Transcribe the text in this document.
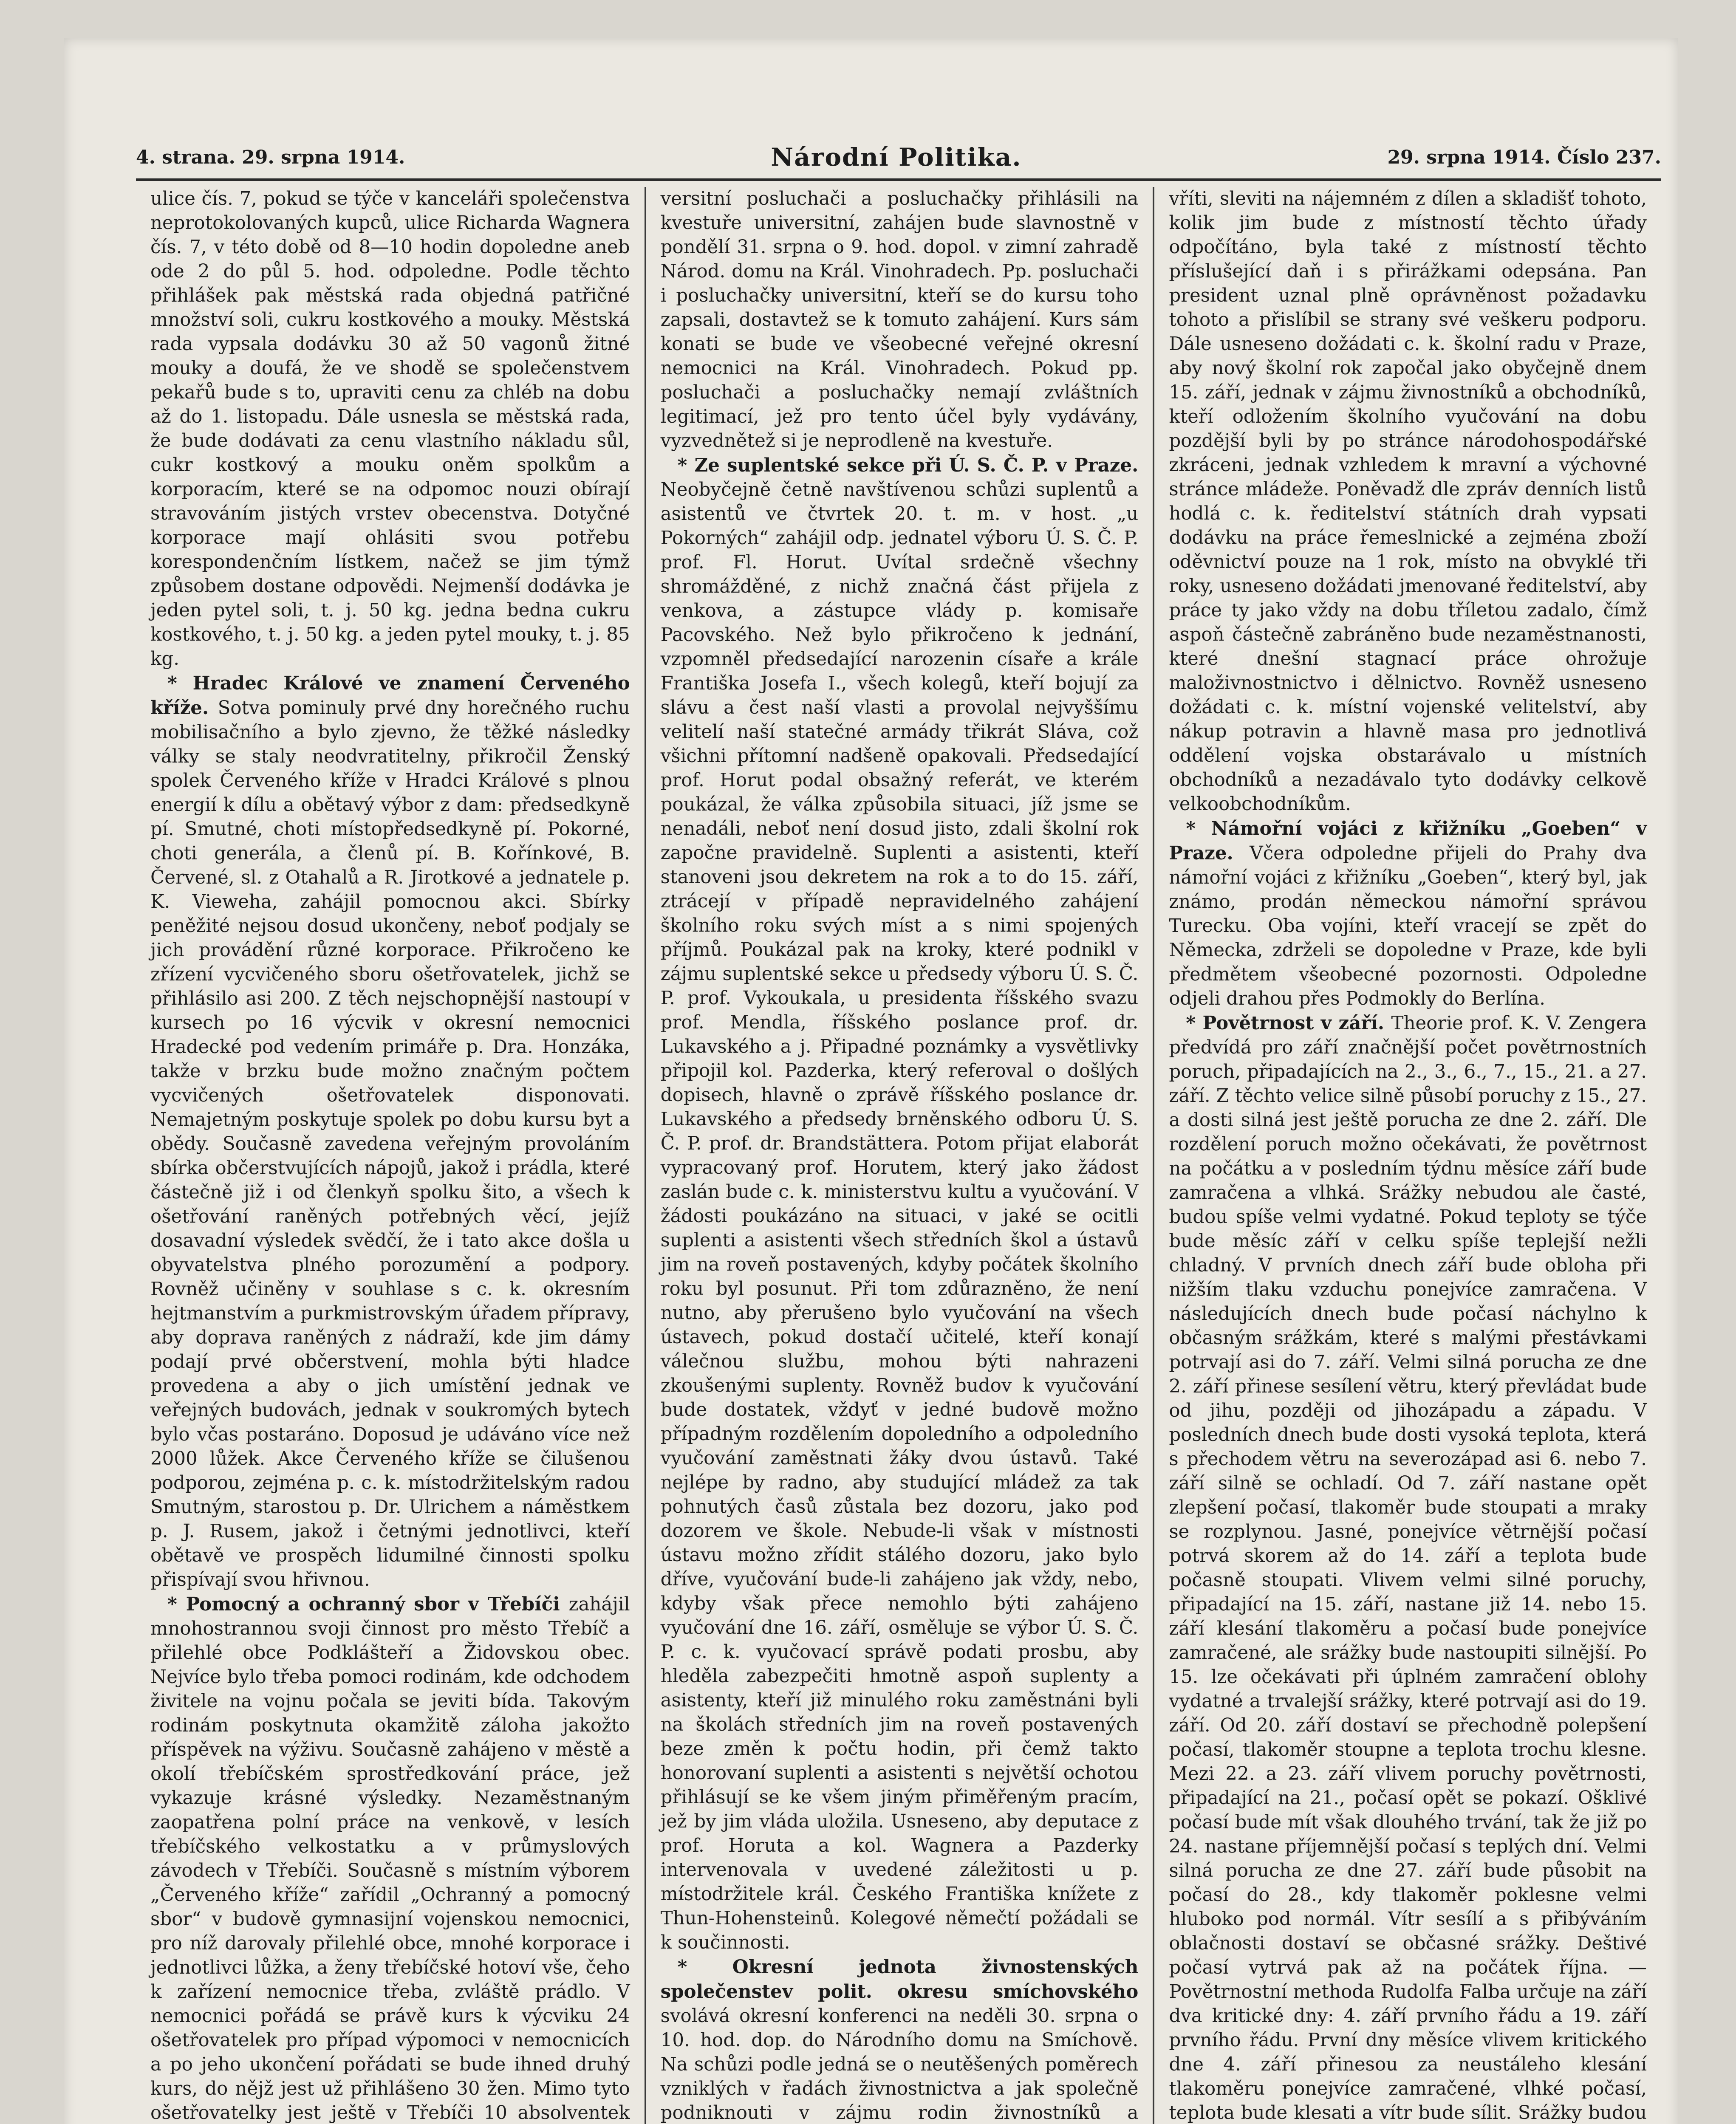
4. strana. 29. srpna 1914.	Národní Politika.	29. srpna 1914. Číslo 237.

ulice čís. 7, pokud se týče v kanceláři společenstva neprotokolovaných kupců, ulice Richarda Wagnera čís. 7, v této době od 8—10 hodin dopoledne aneb ode 2 do půl 5. hod. odpoledne. Podle těchto přihlášek pak městská rada objedná patřičné množství soli, cukru kostkového a mouky. Městská rada vypsala dodávku 30 až 50 vagonů žitné mouky a doufá, že ve shodě se společenstvem pekařů bude s to, upraviti cenu za chléb na dobu až do 1. listopadu. Dále usnesla se městská rada, že bude dodávati za cenu vlastního nákladu sůl, cukr kostkový a mouku oněm spolkům a korporacím, které se na odpomoc nouzi obírají stravováním jistých vrstev obecenstva. Dotyčné korporace mají ohlásiti svou potřebu korespondenčním lístkem, načež se jim týmž způsobem dostane odpovědi. Nejmenší dodávka je jeden pytel soli, t. j. 50 kg. jedna bedna cukru kostkového, t. j. 50 kg. a jeden pytel mouky, t. j. 85 kg.

* Hradec Králové ve znamení Červeného kříže. Sotva pominuly prvé dny horečného ruchu mobilisačního a bylo zjevno, že těžké následky války se staly neodvratitelny, přikročil Ženský spolek Červeného kříže v Hradci Králové s plnou energií k dílu a obětavý výbor z dam: předsedkyně pí. Smutné, choti místopředsedkyně pí. Pokorné, choti generála, a členů pí. B. Kořínkové, B. Červené, sl. z Otahalů a R. Jirotkové a jednatele p. K. Vieweha, zahájil pomocnou akci. Sbírky peněžité nejsou dosud ukončeny, neboť podjaly se jich provádění různé korporace. Přikročeno ke zřízení vycvičeného sboru ošetřovatelek, jichž se přihlásilo asi 200. Z těch nejschopnější nastoupí v kursech po 16 výcvik v okresní nemocnici Hradecké pod vedením primáře p. Dra. Honzáka, takže v brzku bude možno značným počtem vycvičených ošetřovatelek disponovati. Nemajetným poskytuje spolek po dobu kursu byt a obědy. Současně zavedena veřejným provoláním sbírka občerstvujících nápojů, jakož i prádla, které částečně již i od členkyň spolku šito, a všech k ošetřování raněných potřebných věcí, jejíž dosavadní výsledek svědčí, že i tato akce došla u obyvatelstva plného porozumění a podpory. Rovněž učiněny v souhlase s c. k. okresním hejtmanstvím a purkmistrovským úřadem přípravy, aby doprava raněných z nádraží, kde jim dámy podají prvé občerstvení, mohla býti hladce provedena a aby o jich umístění jednak ve veřejných budovách, jednak v soukromých bytech bylo včas postaráno. Doposud je udáváno více než 2000 lůžek. Akce Červeného kříže se čilušenou podporou, zejména p. c. k. místodržitelským radou Smutným, starostou p. Dr. Ulrichem a náměstkem p. J. Rusem, jakož i četnými jednotlivci, kteří obětavě ve prospěch lidumilné činnosti spolku přispívají svou hřivnou.

* Pomocný a ochranný sbor v Třebíči zahájil mnohostrannou svoji činnost pro město Třebíč a přilehlé obce Podklášteří a Židovskou obec. Nejvíce bylo třeba pomoci rodinám, kde odchodem živitele na vojnu počala se jeviti bída. Takovým rodinám poskytnuta okamžitě záloha jakožto příspěvek na výživu. Současně zahájeno v městě a okolí třebíčském sprostředkování práce, jež vykazuje krásné výsledky. Nezaměstnaným zaopatřena polní práce na venkově, v lesích třebíčského velkostatku a v průmyslových závodech v Třebíči. Současně s místním výborem „Červeného kříže“ zařídil „Ochranný a pomocný sbor“ v budově gymnasijní vojenskou nemocnici, pro níž darovaly přilehlé obce, mnohé korporace i jednotlivci lůžka, a ženy třebíčské hotoví vše, čeho k zařízení nemocnice třeba, zvláště prádlo. V nemocnici pořádá se právě kurs k výcviku 24 ošetřovatelek pro případ výpomoci v nemocnicích a po jeho ukončení pořádati se bude ihned druhý kurs, do nějž jest už přihlášeno 30 žen. Mimo tyto ošetřovatelky jest ještě v Třebíči 10 absolventek

versitní posluchači a posluchačky přihlásili na kvestuře universitní, zahájen bude slavnostně v pondělí 31. srpna o 9. hod. dopol. v zimní zahradě Národ. domu na Král. Vinohradech. Pp. posluchači i posluchačky universitní, kteří se do kursu toho zapsali, dostavtež se k tomuto zahájení. Kurs sám konati se bude ve všeobecné veřejné okresní nemocnici na Král. Vinohradech. Pokud pp. posluchači a posluchačky nemají zvláštních legitimací, jež pro tento účel byly vydávány, vyzvednětež si je neprodleně na kvestuře.

* Ze suplentské sekce při Ú. S. Č. P. v Praze. Neobyčejně četně navštívenou schůzi suplentů a asistentů ve čtvrtek 20. t. m. v host. „u Pokorných“ zahájil odp. jednatel výboru Ú. S. Č. P. prof. Fl. Horut. Uvítal srdečně všechny shromážděné, z nichž značná část přijela z venkova, a zástupce vlády p. komisaře Pacovského. Než bylo přikročeno k jednání, vzpomněl předsedající narozenin císaře a krále Františka Josefa I., všech kolegů, kteří bojují za slávu a čest naší vlasti a provolal nejvyššímu velitelí naší statečné armády třikrát Sláva, což všichni přítomní nadšeně opakovali. Předsedající prof. Horut podal obsažný referát, ve kterém poukázal, že válka způsobila situaci, jíž jsme se nenadáli, neboť není dosud jisto, zdali školní rok započne pravidelně. Suplenti a asistenti, kteří stanoveni jsou dekretem na rok a to do 15. září, ztrácejí v případě nepravidelného zahájení školního roku svých míst a s nimi spojených příjmů. Poukázal pak na kroky, které podnikl v zájmu suplentské sekce u předsedy výboru Ú. S. Č. P. prof. Vykoukala, u presidenta říšského svazu prof. Mendla, říšského poslance prof. dr. Lukavského a j. Připadné poznámky a vysvětlivky připojil kol. Pazderka, který referoval o došlých dopisech, hlavně o zprávě říšského poslance dr. Lukavského a předsedy brněnského odboru Ú. S. Č. P. prof. dr. Brandstättera. Potom přijat elaborát vypracovaný prof. Horutem, který jako žádost zaslán bude c. k. ministerstvu kultu a vyučování. V žádosti poukázáno na situaci, v jaké se ocitli suplenti a asistenti všech středních škol a ústavů jim na roveň postavených, kdyby počátek školního roku byl posunut. Při tom zdůrazněno, že není nutno, aby přerušeno bylo vyučování na všech ústavech, pokud dostačí učitelé, kteří konají válečnou službu, mohou býti nahrazeni zkoušenými suplenty. Rovněž budov k vyučování bude dostatek, vždyť v jedné budově možno případným rozdělením dopoledního a odpoledního vyučování zaměstnati žáky dvou ústavů. Také nejlépe by radno, aby studující mládež za tak pohnutých časů zůstala bez dozoru, jako pod dozorem ve škole. Nebude-li však v místnosti ústavu možno zřídit stálého dozoru, jako bylo dříve, vyučování bude-li zahájeno jak vždy, nebo, kdyby však přece nemohlo býti zahájeno vyučování dne 16. září, osměluje se výbor Ú. S. Č. P. c. k. vyučovací správě podati prosbu, aby hleděla zabezpečiti hmotně aspoň suplenty a asistenty, kteří již minulého roku zaměstnáni byli na školách středních jim na roveň postavených beze změn k počtu hodin, při čemž takto honorovaní suplenti a asistenti s největší ochotou přihlásují se ke všem jiným přiměřeným pracím, jež by jim vláda uložila. Usneseno, aby deputace z prof. Horuta a kol. Wagnera a Pazderky intervenovala v uvedené záležitosti u p. místodržitele král. Českého Františka knížete z Thun-Hohensteinů. Kolegové němečtí požádali se k součinnosti.

* Okresní jednota živnostenských společenstev polit. okresu smíchovského svolává okresní konferenci na neděli 30. srpna o 10. hod. dop. do Národního domu na Smíchově. Na schůzi podle jedná se o neutěšených poměrech vzniklých v řadách živnostnictva a jak společně podniknouti v zájmu rodin živnostníků a

vříti, sleviti na nájemném z dílen a skladišť tohoto, kolik jim bude z místností těchto úřady odpočítáno, byla také z místností těchto příslušející daň i s přirážkami odepsána. Pan president uznal plně oprávněnost požadavku tohoto a přislíbil se strany své veškeru podporu. Dále usneseno dožádati c. k. školní radu v Praze, aby nový školní rok započal jako obyčejně dnem 15. září, jednak v zájmu živnostníků a obchodníků, kteří odložením školního vyučování na dobu pozdější byli by po stránce národohospodářské zkráceni, jednak vzhledem k mravní a výchovné stránce mládeže. Poněvadž dle zpráv denních listů hodlá c. k. ředitelství státních drah vypsati dodávku na práce řemeslnické a zejména zboží oděvnictví pouze na 1 rok, místo na obvyklé tři roky, usneseno dožádati jmenované ředitelství, aby práce ty jako vždy na dobu tříletou zadalo, čímž aspoň částečně zabráněno bude nezaměstnanosti, které dnešní stagnací práce ohrožuje maloživnostnictvo i dělnictvo. Rovněž usneseno dožádati c. k. místní vojenské velitelství, aby nákup potravin a hlavně masa pro jednotlivá oddělení vojska obstarávalo u místních obchodníků a nezadávalo tyto dodávky celkově velkoobchodníkům.

* Námořní vojáci z křižníku „Goeben“ v Praze. Včera odpoledne přijeli do Prahy dva námořní vojáci z křižníku „Goeben“, který byl, jak známo, prodán německou námořní správou Turecku. Oba vojíni, kteří vracejí se zpět do Německa, zdrželi se dopoledne v Praze, kde byli předmětem všeobecné pozornosti. Odpoledne odjeli drahou přes Podmokly do Berlína.

* Povětrnost v září. Theorie prof. K. V. Zengera předvídá pro září značnější počet povětrnostních poruch, připadajících na 2., 3., 6., 7., 15., 21. a 27. září. Z těchto velice silně působí poruchy z 15., 27. a dosti silná jest ještě porucha ze dne 2. září. Dle rozdělení poruch možno očekávati, že povětrnost na počátku a v posledním týdnu měsíce září bude zamračena a vlhká. Srážky nebudou ale časté, budou spíše velmi vydatné. Pokud teploty se týče bude měsíc září v celku spíše teplejší nežli chladný. V prvních dnech září bude obloha při nižším tlaku vzduchu ponejvíce zamračena. V následujících dnech bude počasí náchylno k občasným srážkám, které s malými přestávkami potrvají asi do 7. září. Velmi silná porucha ze dne 2. září přinese sesílení větru, který převládat bude od jihu, později od jihozápadu a západu. V posledních dnech bude dosti vysoká teplota, která s přechodem větru na severozápad asi 6. nebo 7. září silně se ochladí. Od 7. září nastane opět zlepšení počasí, tlakoměr bude stoupati a mraky se rozplynou. Jasné, ponejvíce větrnější počasí potrvá skorem až do 14. září a teplota bude počasně stoupati. Vlivem velmi silné poruchy, připadající na 15. září, nastane již 14. nebo 15. září klesání tlakoměru a počasí bude ponejvíce zamračené, ale srážky bude nastoupiti silnější. Po 15. lze očekávati při úplném zamračení oblohy vydatné a trvalejší srážky, které potrvají asi do 19. září. Od 20. září dostaví se přechodně polepšení počasí, tlakoměr stoupne a teplota trochu klesne. Mezi 22. a 23. září vlivem poruchy povětrnosti, připadající na 21., počasí opět se pokazí. Ošklivé počasí bude mít však dlouhého trvání, tak že již po 24. nastane příjemnější počasí s teplých dní. Velmi silná porucha ze dne 27. září bude působit na počasí do 28., kdy tlakoměr poklesne velmi hluboko pod normál. Vítr sesílí a s přibýváním oblačnosti dostaví se občasné srážky. Deštivé počasí vytrvá pak až na počátek října. — Povětrnostní methoda Rudolfa Falba určuje na září dva kritické dny: 4. září prvního řádu a 19. září prvního řádu. První dny měsíce vlivem kritického dne 4. září přinesou za neustáleho klesání tlakoměru ponejvíce zamračené, vlhké počasí, teplota bude klesati a vítr bude sílit. Srážky budou
